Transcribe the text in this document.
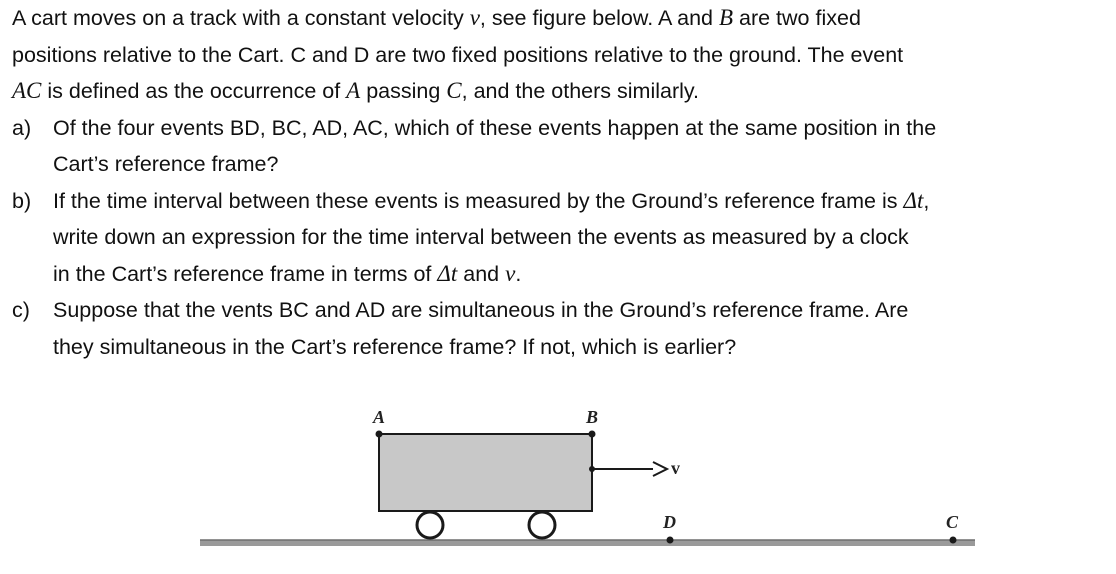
A cart moves on a track with a constant velocity v, see figure below. A and B are two fixed
positions relative to the Cart. C and D are two fixed positions relative to the ground. The event
AC is defined as the occurrence of A passing C, and the others similarly.
a) Of the four events BD, BC, AD, AC, which of these events happen at the same position in the
Cart’s reference frame?
b) If the time interval between these events is measured by the Ground’s reference frame is Δt,
write down an expression for the time interval between the events as measured by a clock
in the Cart’s reference frame in terms of Δt and v.
c) Suppose that the vents BC and AD are simultaneous in the Ground’s reference frame. Are
they simultaneous in the Cart’s reference frame? If not, which is earlier?
A	B
v
D	C
